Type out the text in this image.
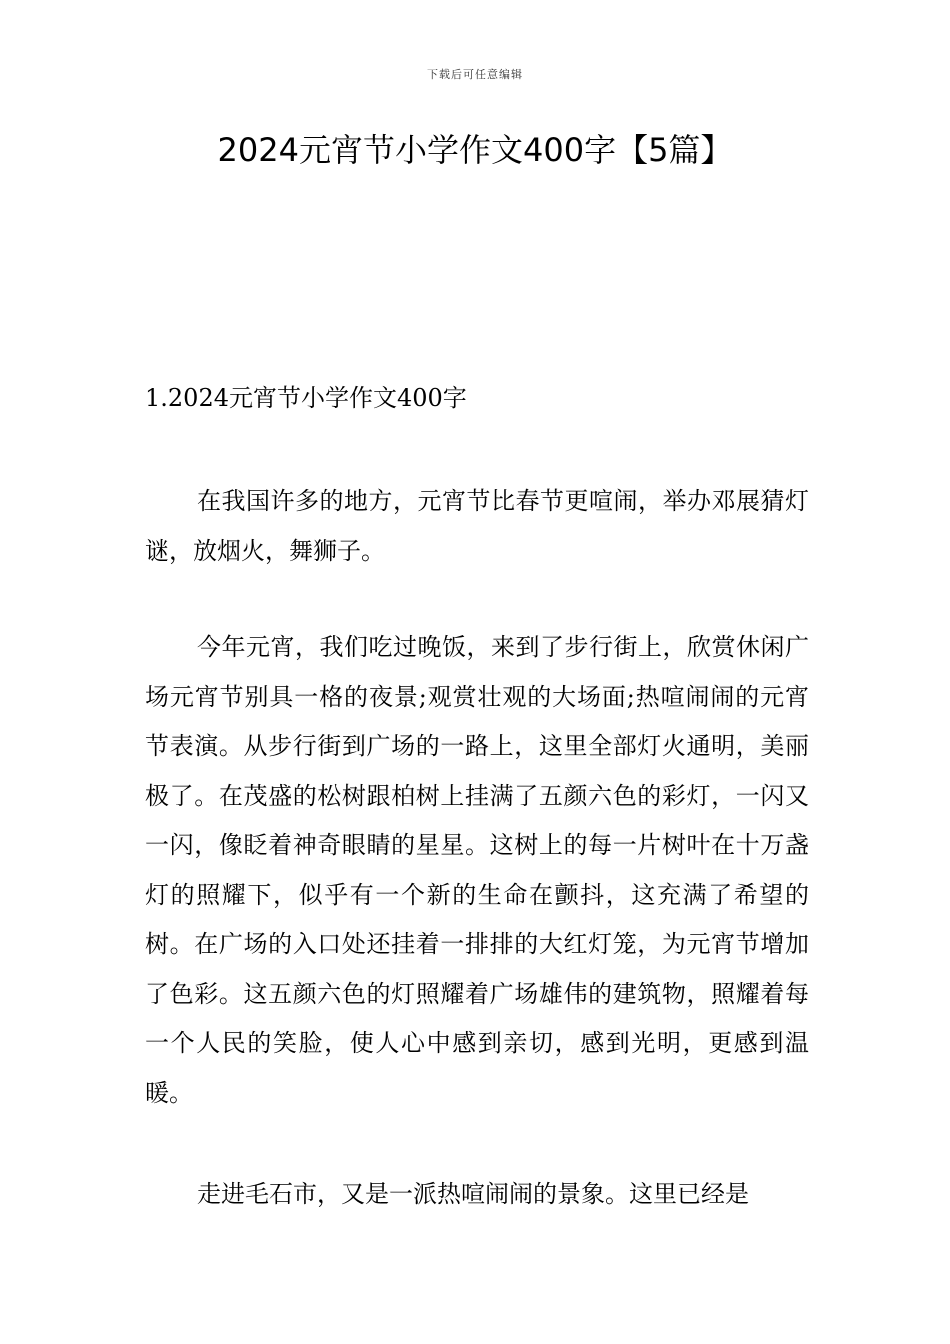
下载后可任意编辑
2024元宵节小学作文400字【5篇】
1.2024元宵节小学作文400字

在我国许多的地方，元宵节比春节更喧闹，举办邓展猜灯谜，放烟火，舞狮子。

今年元宵，我们吃过晚饭，来到了步行街上，欣赏休闲广场元宵节别具一格的夜景;观赏壮观的大场面;热喧闹闹的元宵节表演。从步行街到广场的一路上，这里全部灯火通明，美丽极了。在茂盛的松树跟柏树上挂满了五颜六色的彩灯，一闪又一闪，像眨着神奇眼睛的星星。这树上的每一片树叶在十万盏灯的照耀下，似乎有一个新的生命在颤抖，这充满了希望的树。在广场的入口处还挂着一排排的大红灯笼，为元宵节增加了色彩。这五颜六色的灯照耀着广场雄伟的建筑物，照耀着每一个人民的笑脸，使人心中感到亲切，感到光明，更感到温暖。

走进毛石市，又是一派热喧闹闹的景象。这里已经是
